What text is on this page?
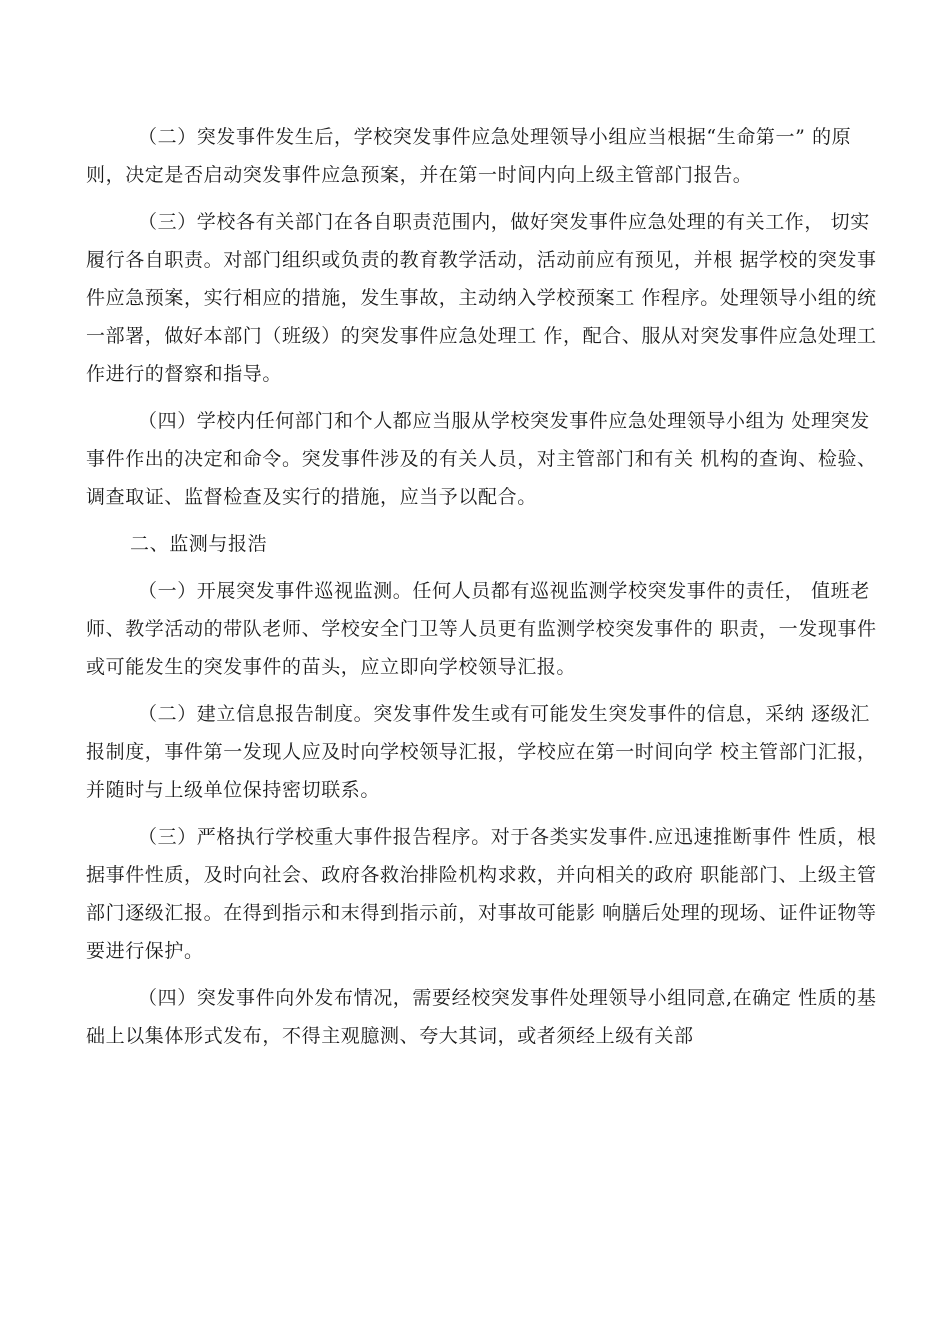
（二）突发事件发生后，学校突发事件应急处理领导小组应当根据“生命第一” 的原则，决定是否启动突发事件应急预案，并在第一时间内向上级主管部门报告。

（三）学校各有关部门在各自职责范围内，做好突发事件应急处理的有关工作， 切实履行各自职责。对部门组织或负责的教育教学活动，活动前应有预见，并根 据学校的突发事件应急预案，实行相应的措施，发生事故，主动纳入学校预案工 作程序。处理领导小组的统一部署，做好本部门（班级）的突发事件应急处理工 作，配合、服从对突发事件应急处理工作进行的督察和指导。

（四）学校内任何部门和个人都应当服从学校突发事件应急处理领导小组为 处理突发事件作出的决定和命令。突发事件涉及的有关人员，对主管部门和有关 机构的查询、检验、调查取证、监督检查及实行的措施，应当予以配合。

二、监测与报浩

（一）开展突发事件巡视监测。任何人员都有巡视监测学校突发事件的责任， 值班老师、教学活动的带队老师、学校安全门卫等人员更有监测学校突发事件的 职责，一发现事件或可能发生的突发事件的苗头，应立即向学校领导汇报。

（二）建立信息报告制度。突发事件发生或有可能发生突发事件的信息，采纳 逐级汇报制度，事件第一发现人应及时向学校领导汇报，学校应在第一时间向学 校主管部门汇报，并随时与上级单位保持密切联系。

（三）严格执行学校重大事件报告程序。对于各类实发事件.应迅速推断事件 性质，根据事件性质，及时向社会、政府各救治排险机构求救，并向相关的政府 职能部门、上级主管部门逐级汇报。在得到指示和末得到指示前，对事故可能影 响膳后处理的现场、证件证物等要进行保护。

（四）突发事件向外发布情况，需要经校突发事件处理领导小组同意,在确定 性质的基础上以集体形式发布，不得主观臆测、夸大其词，或者须经上级有关部
